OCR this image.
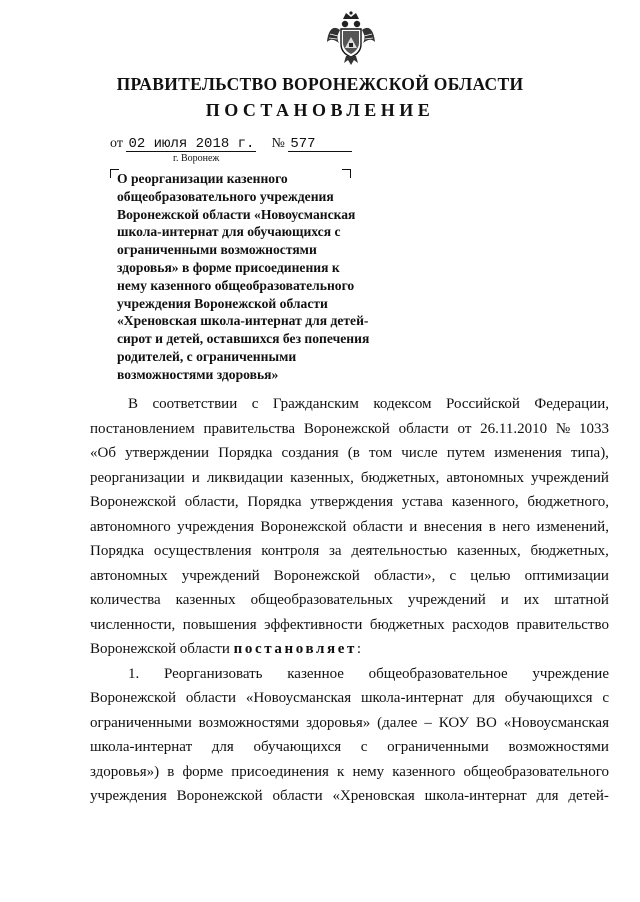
ПРАВИТЕЛЬСТВО ВОРОНЕЖСКОЙ ОБЛАСТИ
ПОСТАНОВЛЕНИЕ
от 02 июля 2018 г. № 577
г. Воронеж
О реорганизации казенного
общеобразовательного учреждения
Воронежской области «Новоусманская
школа-интернат для обучающихся с
ограниченными возможностями
здоровья» в форме присоединения к
нему казенного общеобразовательного
учреждения Воронежской области
«Хреновская школа-интернат для детей-
сирот и детей, оставшихся без попечения
родителей, с ограниченными
возможностями здоровья»
В соответствии с Гражданским кодексом Российской Федерации,
постановлением правительства Воронежской области от 26.11.2010 № 1033
«Об утверждении Порядка создания (в том числе путем изменения типа),
реорганизации и ликвидации казенных, бюджетных, автономных учреждений
Воронежской области, Порядка утверждения устава казенного, бюджетного,
автономного учреждения Воронежской области и внесения в него изменений,
Порядка осуществления контроля за деятельностью казенных, бюджетных,
автономных учреждений Воронежской области», с целью оптимизации
количества казенных общеобразовательных учреждений и их штатной
численности, повышения эффективности бюджетных расходов правительство
Воронежской области постановляет :
1. Реорганизовать казенное общеобразовательное учреждение
Воронежской области «Новоусманская школа-интернат для обучающихся с
ограниченными возможностями здоровья» (далее – КОУ ВО «Новоусманская
школа-интернат для обучающихся с ограниченными возможностями
здоровья») в форме присоединения к нему казенного общеобразовательного
учреждения Воронежской области «Хреновская школа-интернат для детей-
